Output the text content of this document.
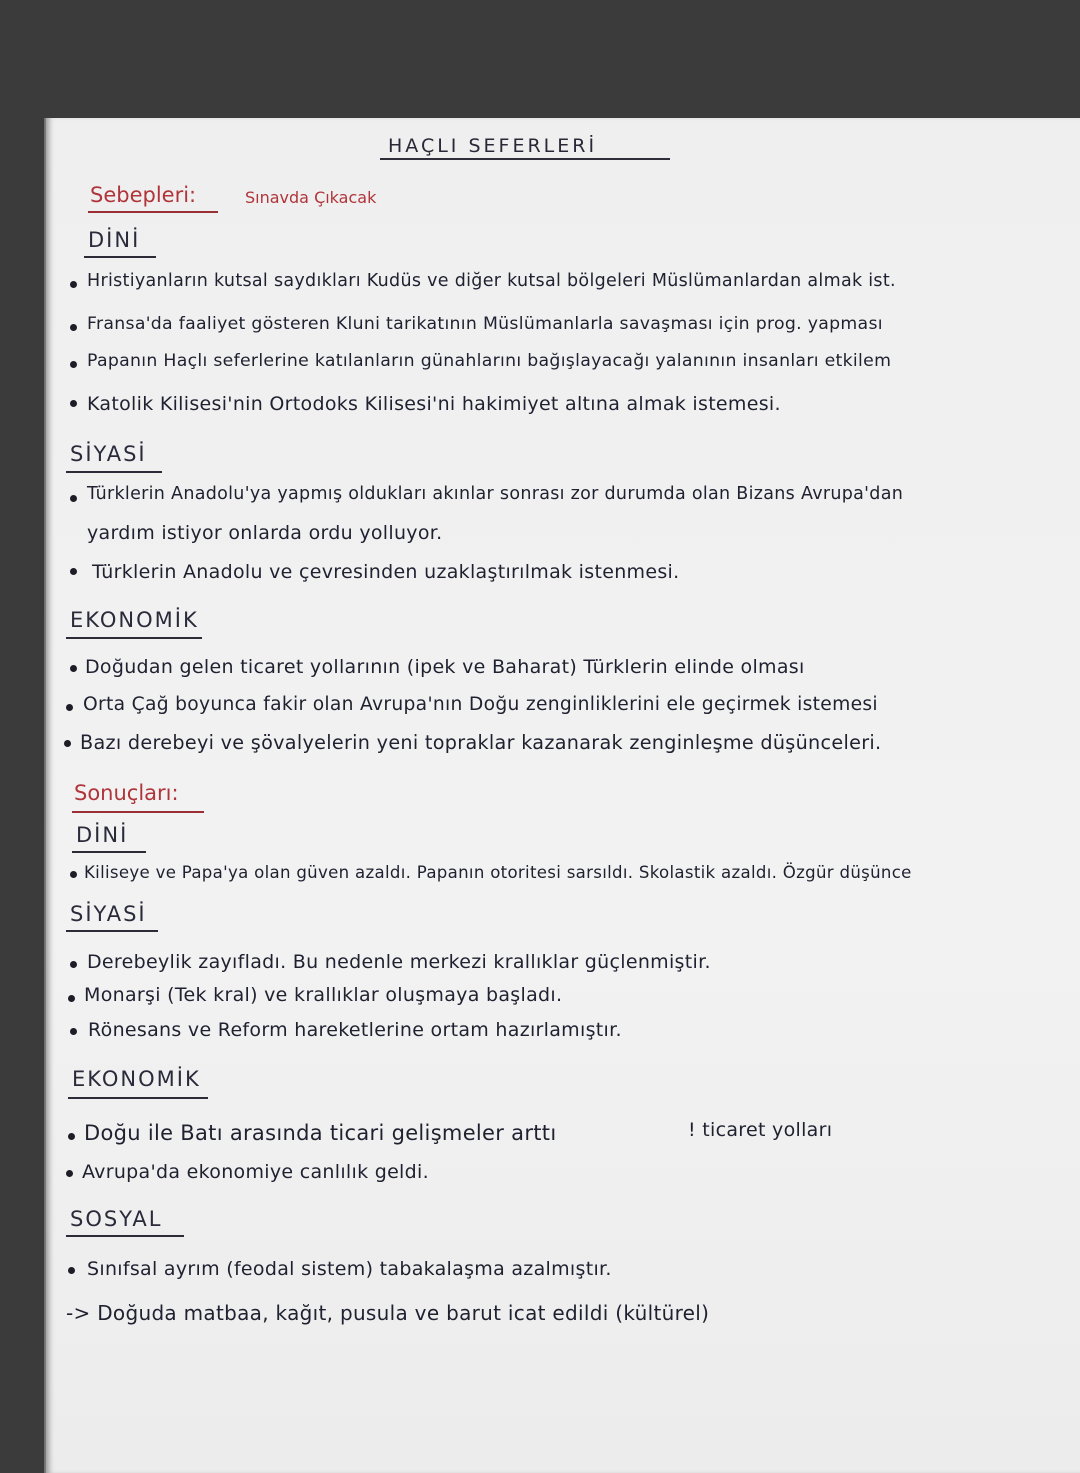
HAÇLI SEFERLERİ
Sebepleri:	Sınavda Çıkacak
DİNİ
Hristiyanların kutsal saydıkları Kudüs ve diğer kutsal bölgeleri Müslümanlardan almak ist.
Fransa'da faaliyet gösteren Kluni tarikatının Müslümanlarla savaşması için prog. yapması
Papanın Haçlı seferlerine katılanların günahlarını bağışlayacağı yalanının insanları etkilem
Katolik Kilisesi'nin Ortodoks Kilisesi'ni hakimiyet altına almak istemesi.
SİYASİ
Türklerin Anadolu'ya yapmış oldukları akınlar sonrası zor durumda olan Bizans Avrupa'dan
yardım istiyor onlarda ordu yolluyor.
Türklerin Anadolu ve çevresinden uzaklaştırılmak istenmesi.
EKONOMİK
Doğudan gelen ticaret yollarının (ipek ve Baharat) Türklerin elinde olması
Orta Çağ boyunca fakir olan Avrupa'nın Doğu zenginliklerini ele geçirmek istemesi
Bazı derebeyi ve şövalyelerin yeni topraklar kazanarak zenginleşme düşünceleri.
Sonuçları:
DİNİ
Kiliseye ve Papa'ya olan güven azaldı. Papanın otoritesi sarsıldı. Skolastik azaldı. Özgür düşünce
SİYASİ
Derebeylik zayıfladı. Bu nedenle merkezi krallıklar güçlenmiştir.
Monarşi (Tek kral) ve krallıklar oluşmaya başladı.
Rönesans ve Reform hareketlerine ortam hazırlamıştır.
EKONOMİK
Doğu ile Batı arasında ticari gelişmeler arttı	! ticaret yolları
Avrupa'da ekonomiye canlılık geldi.
SOSYAL
Sınıfsal ayrım (feodal sistem) tabakalaşma azalmıştır.
-> Doğuda matbaa, kağıt, pusula ve barut icat edildi (kültürel)
